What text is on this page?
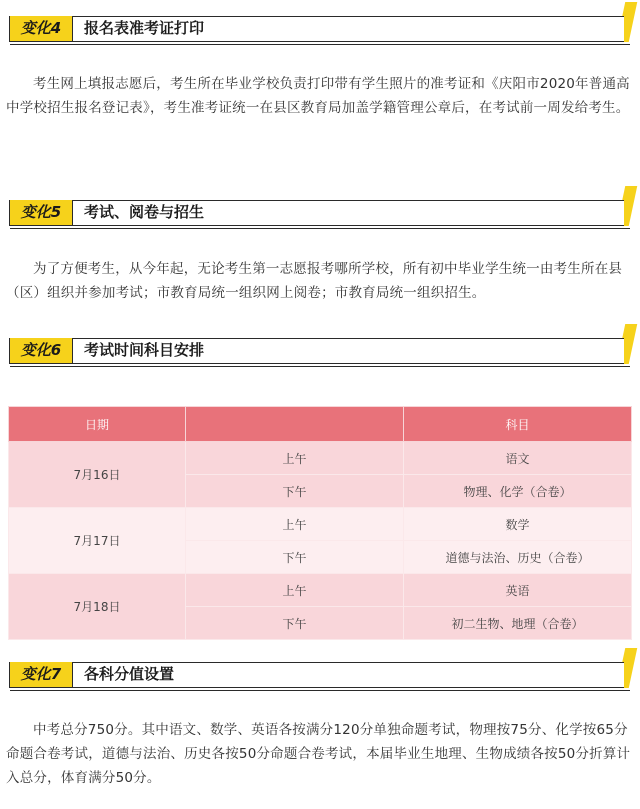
变化4	报名表准考证打印
考生网上填报志愿后，考生所在毕业学校负责打印带有学生照片的准考证和《庆阳市2020年普通高中学校招生报名登记表》，考生准考证统一在县区教育局加盖学籍管理公章后，在考试前一周发给考生。
变化5	考试、阅卷与招生
为了方便考生，从今年起，无论考生第一志愿报考哪所学校，所有初中毕业学生统一由考生所在县（区）组织并参加考试；市教育局统一组织网上阅卷；市教育局统一组织招生。
变化6	考试时间科目安排
日期		科目
7月16日	上午	语文
	下午	物理、化学（合卷）
7月17日	上午	数学
	下午	道德与法治、历史（合卷）
7月18日	上午	英语
	下午	初二生物、地理（合卷）
变化7	各科分值设置
中考总分750分。其中语文、数学、英语各按满分120分单独命题考试，物理按75分、化学按65分命题合卷考试，道德与法治、历史各按50分命题合卷考试，本届毕业生地理、生物成绩各按50分折算计入总分，体育满分50分。
